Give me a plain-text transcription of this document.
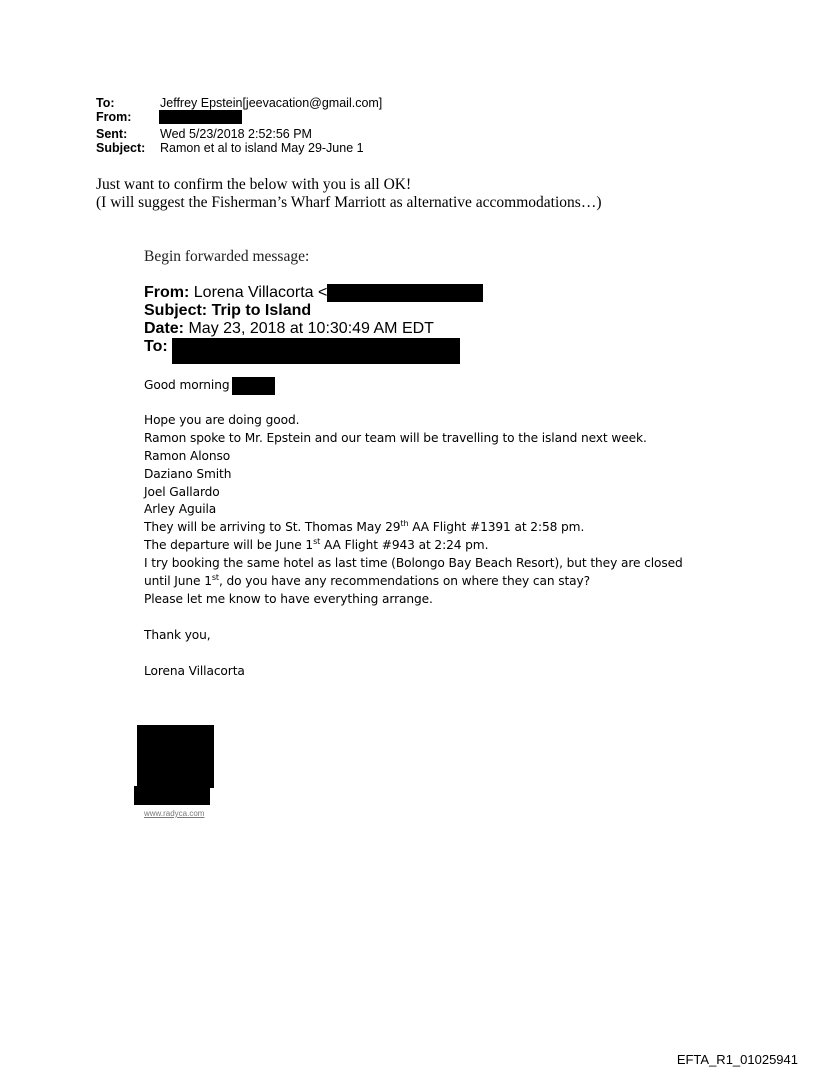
To:	Jeffrey Epstein[jeevacation@gmail.com]
From:
Sent:	Wed 5/23/2018 2:52:56 PM
Subject: Ramon et al to island May 29-June 1
Just want to confirm the below with you is all OK!
(I will suggest the Fisherman’s Wharf Marriott as alternative accommodations…)
Begin forwarded message:
From: Lorena Villacorta <
Subject: Trip to Island
Date: May 23, 2018 at 10:30:49 AM EDT
To:
Good morning
Hope you are doing good.
Ramon spoke to Mr. Epstein and our team will be travelling to the island next week.
Ramon Alonso
Daziano Smith
Joel Gallardo
Arley Aguila
They will be arriving to St. Thomas May 29th AA Flight #1391 at 2:58 pm.
The departure will be June 1st AA Flight #943 at 2:24 pm.
I try booking the same hotel as last time (Bolongo Bay Beach Resort), but they are closed
until June 1st, do you have any recommendations on where they can stay?
Please let me know to have everything arrange.
Thank you,
Lorena Villacorta
www.radyca.com
EFTA_R1_01025941
